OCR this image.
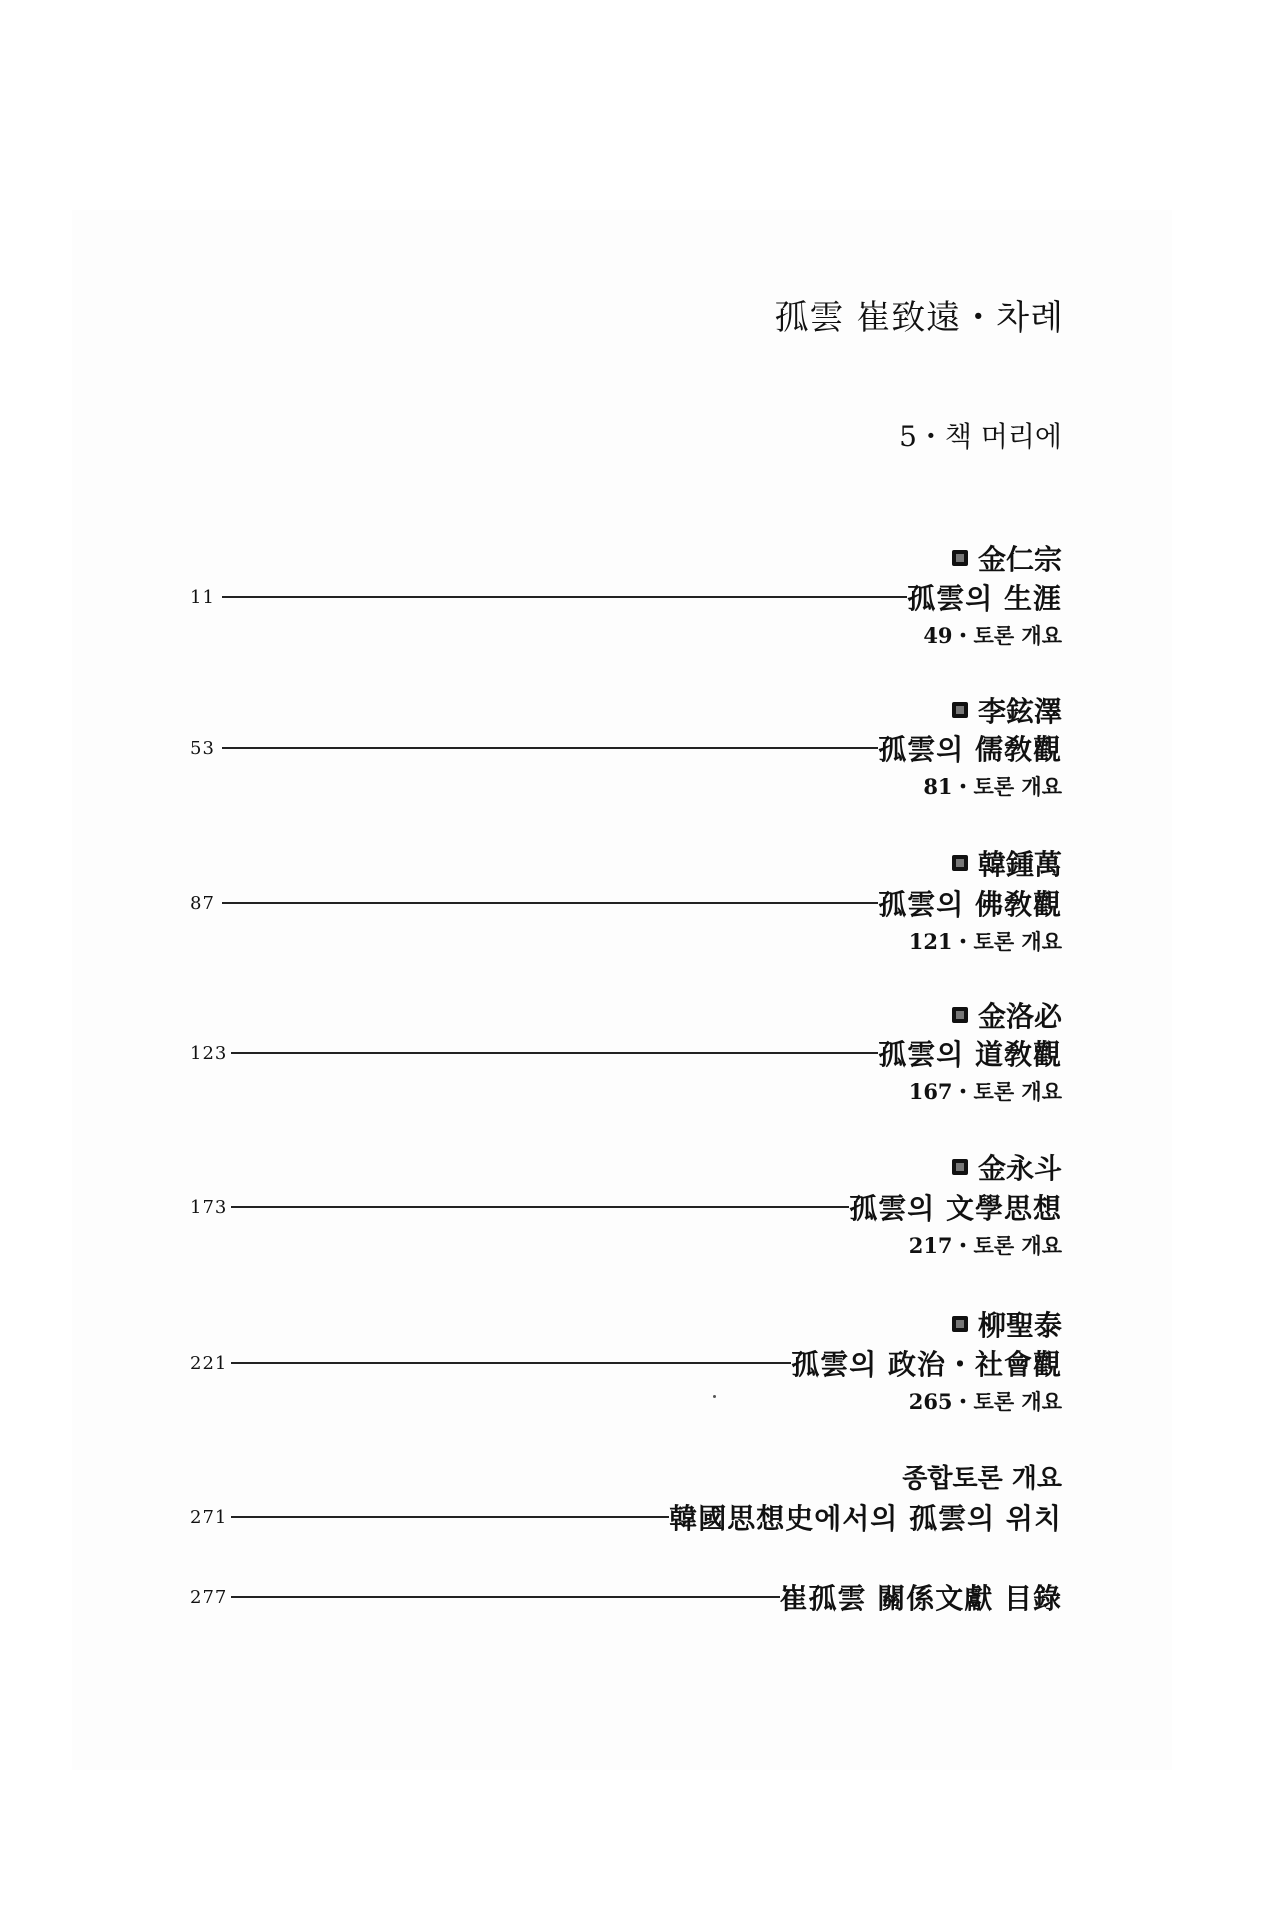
孤雲 崔致遠・차례
5・책 머리에
金仁宗
11	孤雲의 生涯
49・토론 개요
李鉉澤
53	孤雲의 儒敎觀
81・토론 개요
韓鍾萬
87	孤雲의 佛敎觀
121・토론 개요
金洛必
123	孤雲의 道敎觀
167・토론 개요
金永斗
173	孤雲의 文學思想
217・토론 개요
柳聖泰
221	孤雲의 政治・社會觀
265・토론 개요
종합토론 개요
271	韓國思想史에서의 孤雲의 위치
277	崔孤雲 關係文獻 目錄
